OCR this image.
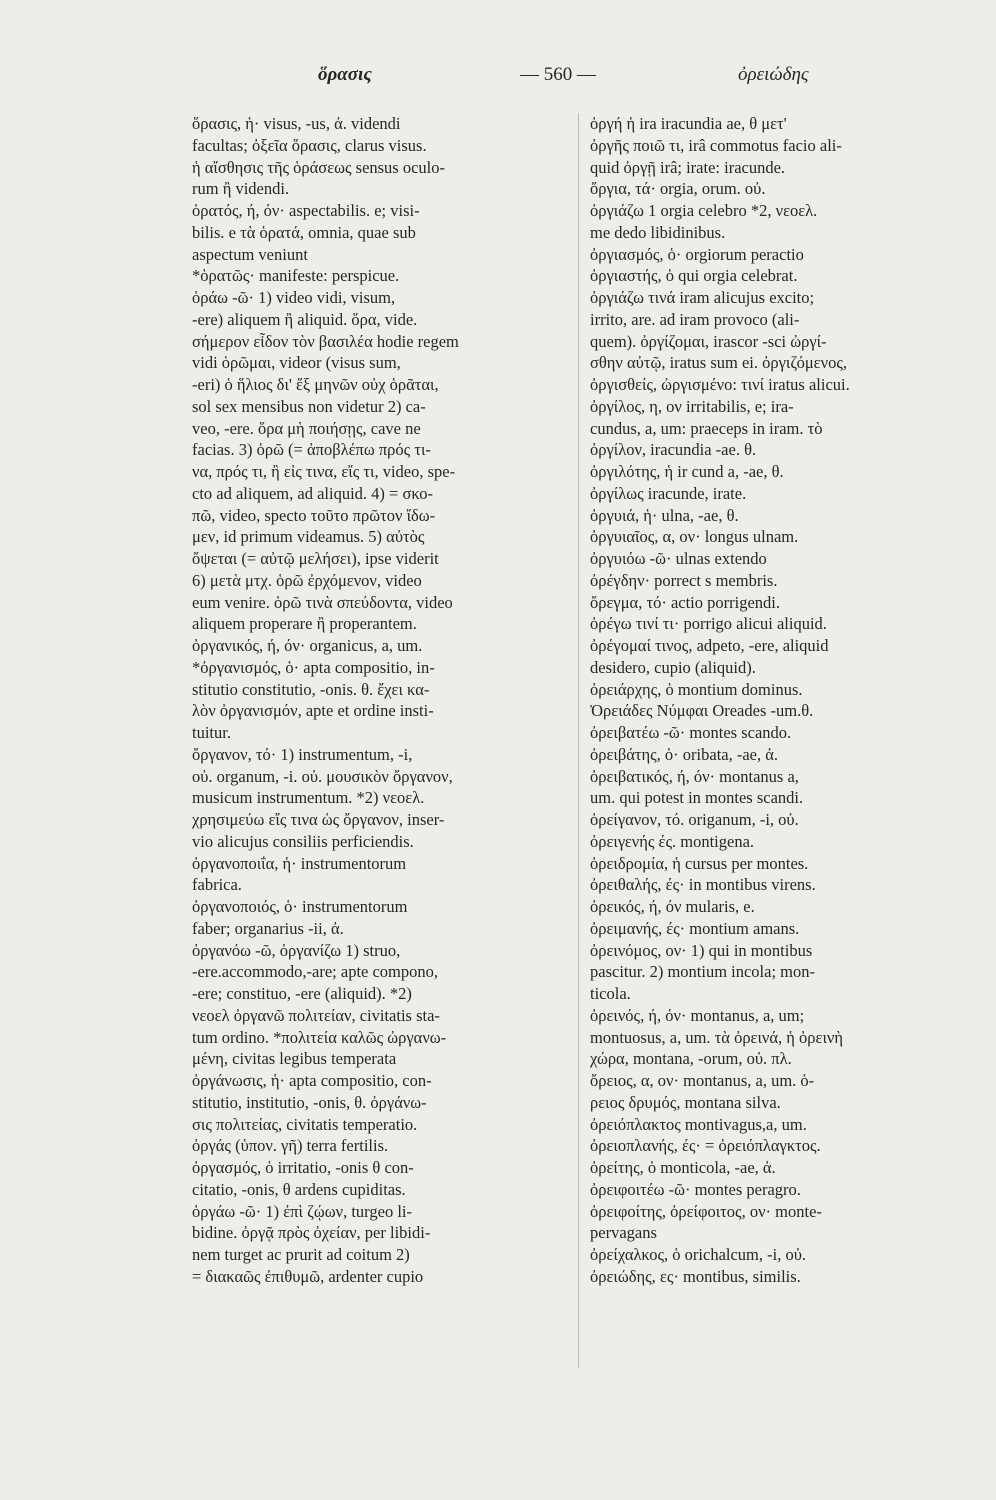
ὅρασις	— 560 —	ὀρειώδης
ὅρασις, ἡ· visus, -us, ἀ. videndi
facultas; ὀξεῖα ὅρασις, clarus visus.
ἡ αἴσθησις τῆς ὁράσεως sensus oculo-
rum ἢ videndi.
ὁρατός, ή, όν· aspectabilis. e; visi-
bilis. e τὰ ὁρατά, omnia, quae sub
aspectum veniunt
*ὁρατῶς· manifeste: perspicue.
ὁράω -ῶ· 1) video vidi, visum,
-ere) aliquem ἢ aliquid. ὅρα, vide.
σήμερον εἶδον τὸν βασιλέα hodie regem
vidi ὁρῶμαι, videor (visus sum,
-eri) ὁ ἥλιος δι' ἕξ μηνῶν οὐχ ὁρᾶται,
sol sex mensibus non videtur 2) ca-
veo, -ere. ὅρα μὴ ποιήσῃς, cave ne
facias. 3) ὁρῶ (= ἀποβλέπω πρός τι-
να, πρός τι, ἢ εἰς τινα, εἴς τι, video, spe-
cto ad aliquem, ad aliquid. 4) = σκο-
πῶ, video, specto τοῦτο πρῶτον ἴδω-
μεν, id primum videamus. 5) αὐτὸς
ὄψεται (= αὐτῷ μελήσει), ipse viderit
6) μετὰ μτχ. ὁρῶ ἐρχόμενον, video
eum venire. ὁρῶ τινὰ σπεύδοντα, video
aliquem properare ἢ properantem.
ὀργανικός, ή, όν· organicus, a, um.
*ὀργανισμός, ὁ· apta compositio, in-
stitutio constitutio, -onis. θ. ἔχει κα-
λὸν ὀργανισμόν, apte et ordine insti-
tuitur.
ὄργανον, τό· 1) instrumentum, -i,
οὐ. organum, -i. οὐ. μουσικὸν ὄργανον,
musicum instrumentum. *2) νεοελ.
χρησιμεύω εἴς τινα ὡς ὄργανον, inser-
vio alicujus consiliis perficiendis.
ὀργανοποιΐα, ἡ· instrumentorum
fabrica.
ὀργανοποιός, ὁ· instrumentorum
faber; organarius -ii, ἀ.
ὀργανόω -ῶ, ὀργανίζω 1) struo,
-ere.accommodo,-are; apte compono,
-ere; constituo, -ere (aliquid). *2)
νεοελ ὀργανῶ πολιτείαν, civitatis sta-
tum ordino. *πολιτεία καλῶς ὠργανω-
μένη, civitas legibus temperata
ὀργάνωσις, ἡ· apta compositio, con-
stitutio, institutio, -onis, θ. ὀργάνω-
σις πολιτείας, civitatis temperatio.
ὀργάς (ὑπον. γῆ) terra fertilis.
ὀργασμός, ὁ irritatio, -onis θ con-
citatio, -onis, θ ardens cupiditas.
ὀργάω -ῶ· 1) ἐπὶ ζῴων, turgeo li-
bidine. ὀργᾷ πρὸς ὀχείαν, per libidi-
nem turget ac prurit ad coitum 2)
= διακαῶς ἐπιθυμῶ, ardenter cupio
ὀργή ἡ ira iracundia ae, θ μετ'
ὀργῆς ποιῶ τι, irâ commotus facio ali-
quid ὀργῇ irâ; irate: iracunde.
ὄργια, τά· orgia, orum. οὐ.
ὀργιάζω 1 orgia celebro *2, νεοελ.
me dedo libidinibus.
ὀργιασμός, ὁ· orgiorum peractio
ὀργιαστής, ὁ qui orgia celebrat.
ὀργιάζω τινά iram alicujus excito;
irrito, are. ad iram provoco (ali-
quem). ὀργίζομαι, irascor -sci ὠργί-
σθην αὐτῷ, iratus sum ei. ὀργιζόμενος,
ὀργισθείς, ὠργισμένο: τινί iratus alicui.
ὀργίλος, η, ον irritabilis, e; ira-
cundus, a, um: praeceps in iram. τὸ
ὀργίλον, iracundia -ae. θ.
ὀργιλότης, ἡ ir cund a, -ae, θ.
ὀργίλως iracunde, irate.
ὀργυιά, ἡ· ulna, -ae, θ.
ὀργυιαῖος, α, ον· longus ulnam.
ὀργυιόω -ῶ· ulnas extendo
ὀρέγδην· porrect s membris.
ὄρεγμα, τό· actio porrigendi.
ὀρέγω τινί τι· porrigo alicui aliquid.
ὀρέγομαί τινος, adpeto, -ere, aliquid
desidero, cupio (aliquid).
ὀρειάρχης, ὁ montium dominus.
Ὀρειάδες Νύμφαι Oreades -um.θ.
ὀρειβατέω -ῶ· montes scando.
ὀρειβάτης, ὁ· oribata, -ae, ἀ.
ὀρειβατικός, ή, όν· montanus a,
um. qui potest in montes scandi.
ὀρείγανον, τό. origanum, -i, οὐ.
ὀρειγενής ές. montigena.
ὀρειδρομία, ἡ cursus per montes.
ὀρειθαλής, ές· in montibus virens.
ὀρεικός, ή, όν mularis, e.
ὀρειμανής, ές· montium amans.
ὀρεινόμος, ον· 1) qui in montibus
pascitur. 2) montium incola; mon-
ticola.
ὀρεινός, ή, όν· montanus, a, um;
montuosus, a, um. τὰ ὀρεινά, ἡ ὀρεινὴ
χώρα, montana, -orum, οὐ. πλ.
ὄρειος, α, ον· montanus, a, um. ὁ-
ρειος δρυμός, montana silva.
ὀρειόπλακτος montivagus,a, um.
ὀρειοπλανής, ές· = ὀρειόπλαγκτος.
ὀρείτης, ὁ monticola, -ae, ἀ.
ὀρειφοιτέω -ῶ· montes peragro.
ὀρειφοίτης, ὀρείφοιτος, ον· monte-
pervagans
ὀρείχαλκος, ὁ orichalcum, -i, οὐ.
ὀρειώδης, ες· montibus, similis.
